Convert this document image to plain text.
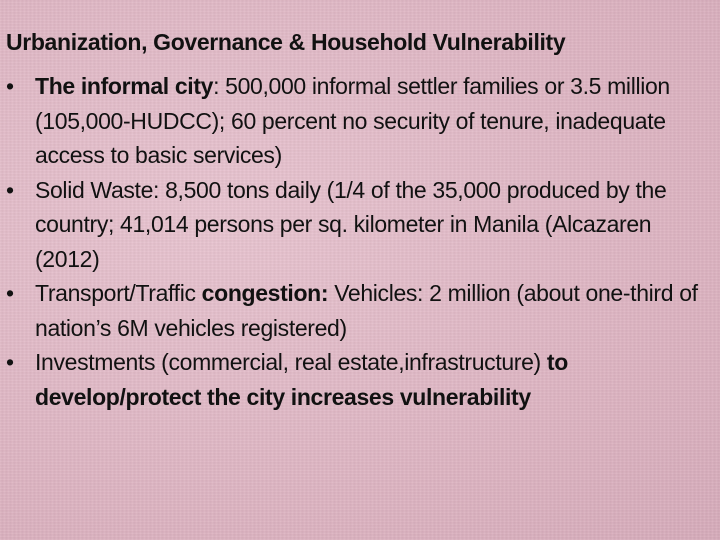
Urbanization, Governance & Household Vulnerability
• The informal city: 500,000 informal settler families or 3.5 million (105,000-HUDCC); 60 percent no security of tenure, inadequate access to basic services)
• Solid Waste: 8,500 tons daily (1/4 of the 35,000 produced by the country; 41,014 persons per sq. kilometer in Manila (Alcazaren (2012)
• Transport/Traffic congestion: Vehicles: 2 million (about one-third of nation’s 6M vehicles registered)
• Investments (commercial, real estate,infrastructure) to develop/protect the city increases vulnerability
